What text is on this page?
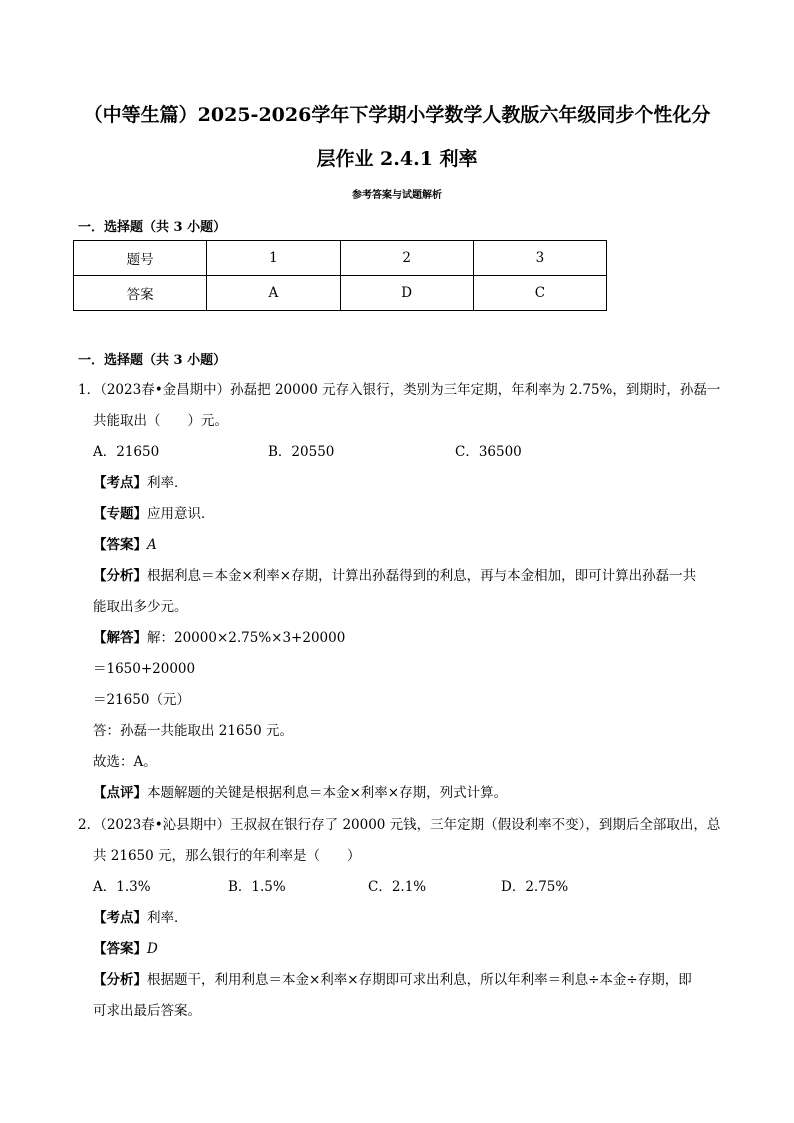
（中等生篇）2025-2026学年下学期小学数学人教版六年级同步个性化分
层作业 2.4.1 利率
参考答案与试题解析
一．选择题（共 3 小题）
题号	1	2	3
答案	A	D	C
一．选择题（共 3 小题）
1．（2023春•金昌期中）孙磊把 20000 元存入银行，类别为三年定期，年利率为 2.75%，到期时，孙磊一
共能取出（　　）元。
A．21650	B．20550	C．36500
【考点】利率．
【专题】应用意识．
【答案】A
【分析】根据利息＝本金×利率×存期，计算出孙磊得到的利息，再与本金相加，即可计算出孙磊一共
能取出多少元。
【解答】解：20000×2.75%×3+20000
＝1650+20000
＝21650（元）
答：孙磊一共能取出 21650 元。
故选：A。
【点评】本题解题的关键是根据利息＝本金×利率×存期，列式计算。
2．（2023春•沁县期中）王叔叔在银行存了 20000 元钱，三年定期（假设利率不变），到期后全部取出，总
共 21650 元，那么银行的年利率是（　　）
A．1.3%	B．1.5%	C．2.1%	D．2.75%
【考点】利率．
【答案】D
【分析】根据题干，利用利息＝本金×利率×存期即可求出利息，所以年利率＝利息÷本金÷存期，即
可求出最后答案。
